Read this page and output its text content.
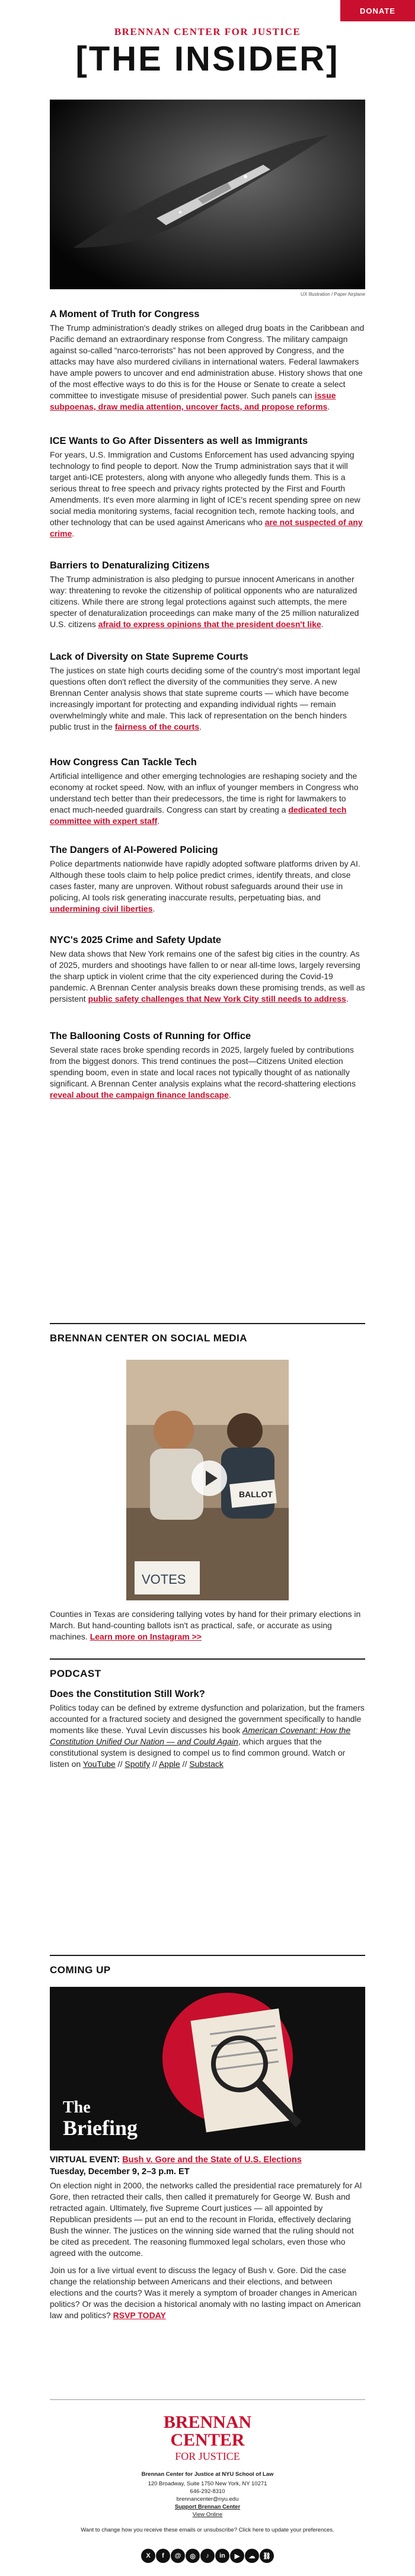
DONATE
BRENNAN CENTER FOR JUSTICE
[THE INSIDER]
UX Illustration / Paper Airplane
A Moment of Truth for Congress

The Trump administration's deadly strikes on alleged drug boats in the Caribbean and Pacific demand an extraordinary response from Congress. The military campaign against so-called “narco-terrorists” has not been approved by Congress, and the attacks may have also murdered civilians in international waters. Federal lawmakers have ample powers to uncover and end administration abuse. History shows that one of the most effective ways to do this is for the House or Senate to create a select committee to investigate misuse of presidential power. Such panels can issue subpoenas, draw media attention, uncover facts, and propose reforms.

ICE Wants to Go After Dissenters as well as Immigrants

For years, U.S. Immigration and Customs Enforcement has used advancing spying technology to find people to deport. Now the Trump administration says that it will target anti-ICE protesters, along with anyone who allegedly funds them. This is a serious threat to free speech and privacy rights protected by the First and Fourth Amendments. It's even more alarming in light of ICE's recent spending spree on new social media monitoring systems, facial recognition tech, remote hacking tools, and other technology that can be used against Americans who are not suspected of any crime.

Barriers to Denaturalizing Citizens

The Trump administration is also pledging to pursue innocent Americans in another way: threatening to revoke the citizenship of political opponents who are naturalized citizens. While there are strong legal protections against such attempts, the mere specter of denaturalization proceedings can make many of the 25 million naturalized U.S. citizens afraid to express opinions that the president doesn't like.

Lack of Diversity on State Supreme Courts

The justices on state high courts deciding some of the country's most important legal questions often don't reflect the diversity of the communities they serve. A new Brennan Center analysis shows that state supreme courts — which have become increasingly important for protecting and expanding individual rights — remain overwhelmingly white and male. This lack of representation on the bench hinders public trust in the fairness of the courts.

How Congress Can Tackle Tech

Artificial intelligence and other emerging technologies are reshaping society and the economy at rocket speed. Now, with an influx of younger members in Congress who understand tech better than their predecessors, the time is right for lawmakers to enact much-needed guardrails. Congress can start by creating a dedicated tech committee with expert staff.

The Dangers of AI-Powered Policing

Police departments nationwide have rapidly adopted software platforms driven by AI. Although these tools claim to help police predict crimes, identify threats, and close cases faster, many are unproven. Without robust safeguards around their use in policing, AI tools risk generating inaccurate results, perpetuating bias, and undermining civil liberties.

NYC's 2025 Crime and Safety Update

New data shows that New York remains one of the safest big cities in the country. As of 2025, murders and shootings have fallen to or near all-time lows, largely reversing the sharp uptick in violent crime that the city experienced during the Covid-19 pandemic. A Brennan Center analysis breaks down these promising trends, as well as persistent public safety challenges that New York City still needs to address.

The Ballooning Costs of Running for Office

Several state races broke spending records in 2025, largely fueled by contributions from the biggest donors. This trend continues the post—Citizens United election spending boom, even in state and local races not typically thought of as nationally significant. A Brennan Center analysis explains what the record-shattering elections reveal about the campaign finance landscape.

BRENNAN CENTER ON SOCIAL MEDIA
BALLOT
VOTES

Counties in Texas are considering tallying votes by hand for their primary elections in March. But hand-counting ballots isn't as practical, safe, or accurate as using machines. Learn more on Instagram >>

PODCAST
Does the Constitution Still Work?

Politics today can be defined by extreme dysfunction and polarization, but the framers accounted for a fractured society and designed the government specifically to handle moments like these. Yuval Levin discusses his book American Covenant: How the Constitution Unified Our Nation — and Could Again, which argues that the constitutional system is designed to compel us to find common ground. Watch or listen on YouTube // Spotify // Apple // Substack

COMING UP
The
Briefing
VIRTUAL EVENT: Bush v. Gore and the State of U.S. Elections
Tuesday, December 9, 2–3 p.m. ET

On election night in 2000, the networks called the presidential race prematurely for Al Gore, then retracted their calls, then called it prematurely for George W. Bush and retracted again. Ultimately, five Supreme Court justices — all appointed by Republican presidents — put an end to the recount in Florida, effectively declaring Bush the winner. The justices on the winning side warned that the ruling should not be cited as precedent. The reasoning flummoxed legal scholars, even those who agreed with the outcome.

Join us for a live virtual event to discuss the legacy of Bush v. Gore. Did the case change the relationship between Americans and their elections, and between elections and the courts? Was it merely a symptom of broader changes in American politics? Or was the decision a historical anomaly with no lasting impact on American law and politics? RSVP TODAY

BRENNAN
CENTER
FOR JUSTICE
Brennan Center for Justice at NYU School of Law
120 Broadway, Suite 1750 New York, NY 10271
646-292-8310
brennancenter@nyu.edu
Support Brennan Center
View Online
Want to change how you receive these emails or unsubscribe? Click here to update your preferences.
X	f	@	◎	♪	in	▶	☁	⛓
